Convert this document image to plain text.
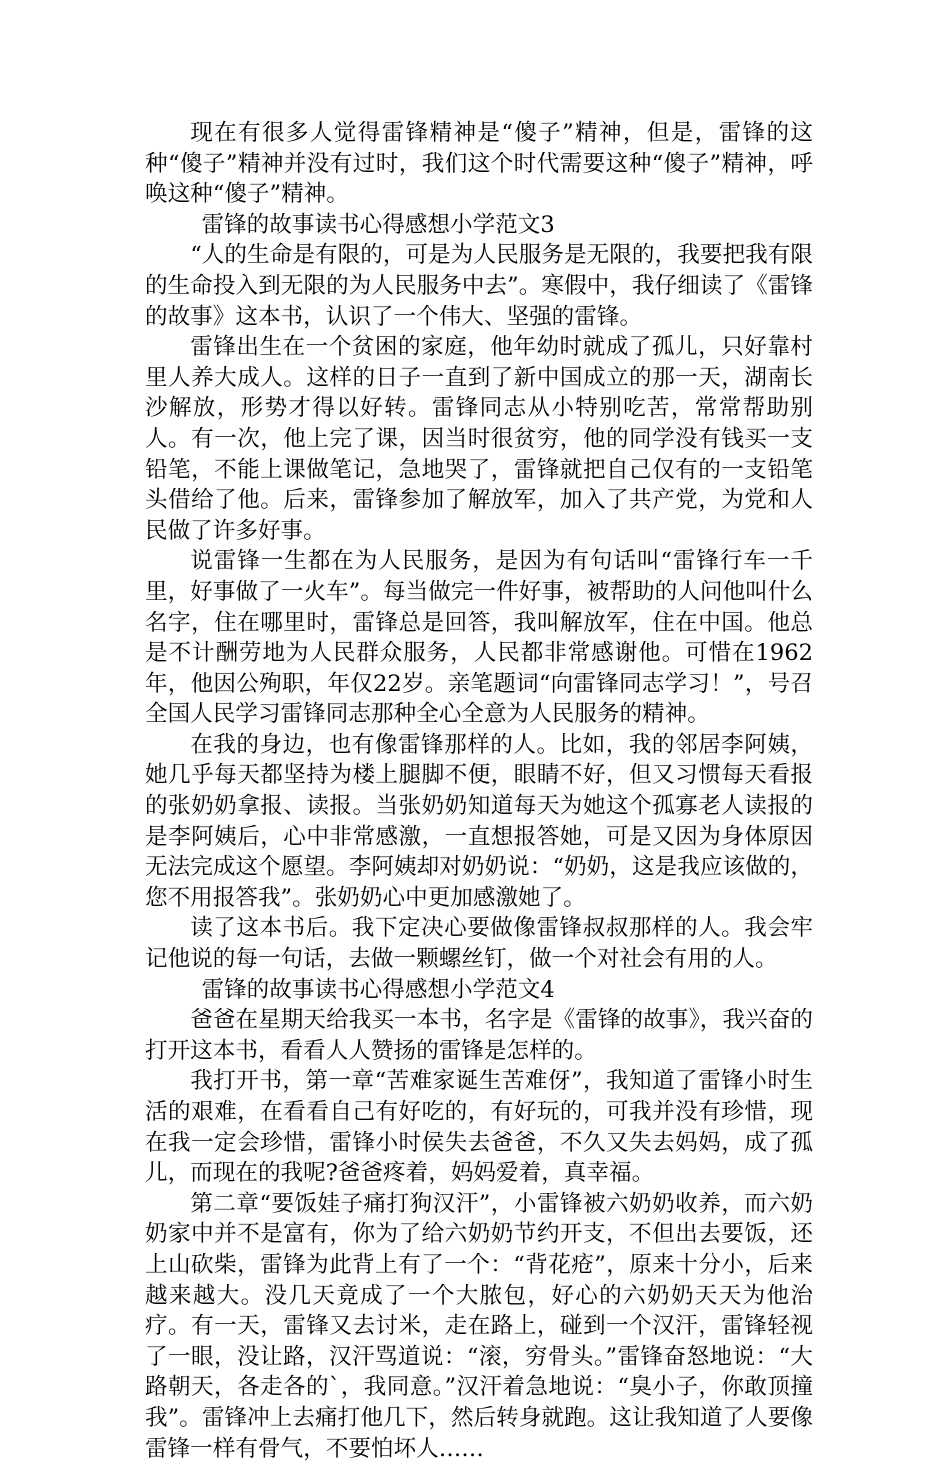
现在有很多人觉得雷锋精神是“傻子”精神，但是，雷锋的这种“傻子”精神并没有过时，我们这个时代需要这种“傻子”精神，呼唤这种“傻子”精神。

雷锋的故事读书心得感想小学范文3

“人的生命是有限的，可是为人民服务是无限的，我要把我有限的生命投入到无限的为人民服务中去”。寒假中，我仔细读了《雷锋的故事》这本书，认识了一个伟大、坚强的雷锋。

雷锋出生在一个贫困的家庭，他年幼时就成了孤儿，只好靠村里人养大成人。这样的日子一直到了新中国成立的那一天，湖南长沙解放，形势才得以好转。雷锋同志从小特别吃苦，常常帮助别人。有一次，他上完了课，因当时很贫穷，他的同学没有钱买一支铅笔，不能上课做笔记，急地哭了，雷锋就把自己仅有的一支铅笔头借给了他。后来，雷锋参加了解放军，加入了共产党，为党和人民做了许多好事。

说雷锋一生都在为人民服务，是因为有句话叫“雷锋行车一千里，好事做了一火车”。每当做完一件好事，被帮助的人问他叫什么名字，住在哪里时，雷锋总是回答，我叫解放军，住在中国。他总是不计酬劳地为人民群众服务，人民都非常感谢他。可惜在1962年，他因公殉职，年仅22岁。亲笔题词“向雷锋同志学习！”，号召全国人民学习雷锋同志那种全心全意为人民服务的精神。

在我的身边，也有像雷锋那样的人。比如，我的邻居李阿姨，她几乎每天都坚持为楼上腿脚不便，眼睛不好，但又习惯每天看报的张奶奶拿报、读报。当张奶奶知道每天为她这个孤寡老人读报的是李阿姨后，心中非常感激，一直想报答她，可是又因为身体原因无法完成这个愿望。李阿姨却对奶奶说：“奶奶，这是我应该做的，您不用报答我”。张奶奶心中更加感激她了。

读了这本书后。我下定决心要做像雷锋叔叔那样的人。我会牢记他说的每一句话，去做一颗螺丝钉，做一个对社会有用的人。

雷锋的故事读书心得感想小学范文4

爸爸在星期天给我买一本书，名字是《雷锋的故事》，我兴奋的打开这本书，看看人人赞扬的雷锋是怎样的。

我打开书，第一章“苦难家诞生苦难伢”，我知道了雷锋小时生活的艰难，在看看自己有好吃的，有好玩的，可我并没有珍惜，现在我一定会珍惜，雷锋小时侯失去爸爸，不久又失去妈妈，成了孤儿，而现在的我呢?爸爸疼着，妈妈爱着，真幸福。

第二章“要饭娃子痛打狗汉汗”，小雷锋被六奶奶收养，而六奶奶家中并不是富有，你为了给六奶奶节约开支，不但出去要饭，还上山砍柴，雷锋为此背上有了一个：“背花疮”，原来十分小，后来越来越大。没几天竟成了一个大脓包，好心的六奶奶天天为他治疗。有一天，雷锋又去讨米，走在路上，碰到一个汉汗，雷锋轻视了一眼，没让路，汉汗骂道说：“滚，穷骨头。”雷锋奋怒地说：“大路朝天，各走各的`，我同意。”汉汗着急地说：“臭小子，你敢顶撞我”。雷锋冲上去痛打他几下，然后转身就跑。这让我知道了人要像雷锋一样有骨气，不要怕坏人……
